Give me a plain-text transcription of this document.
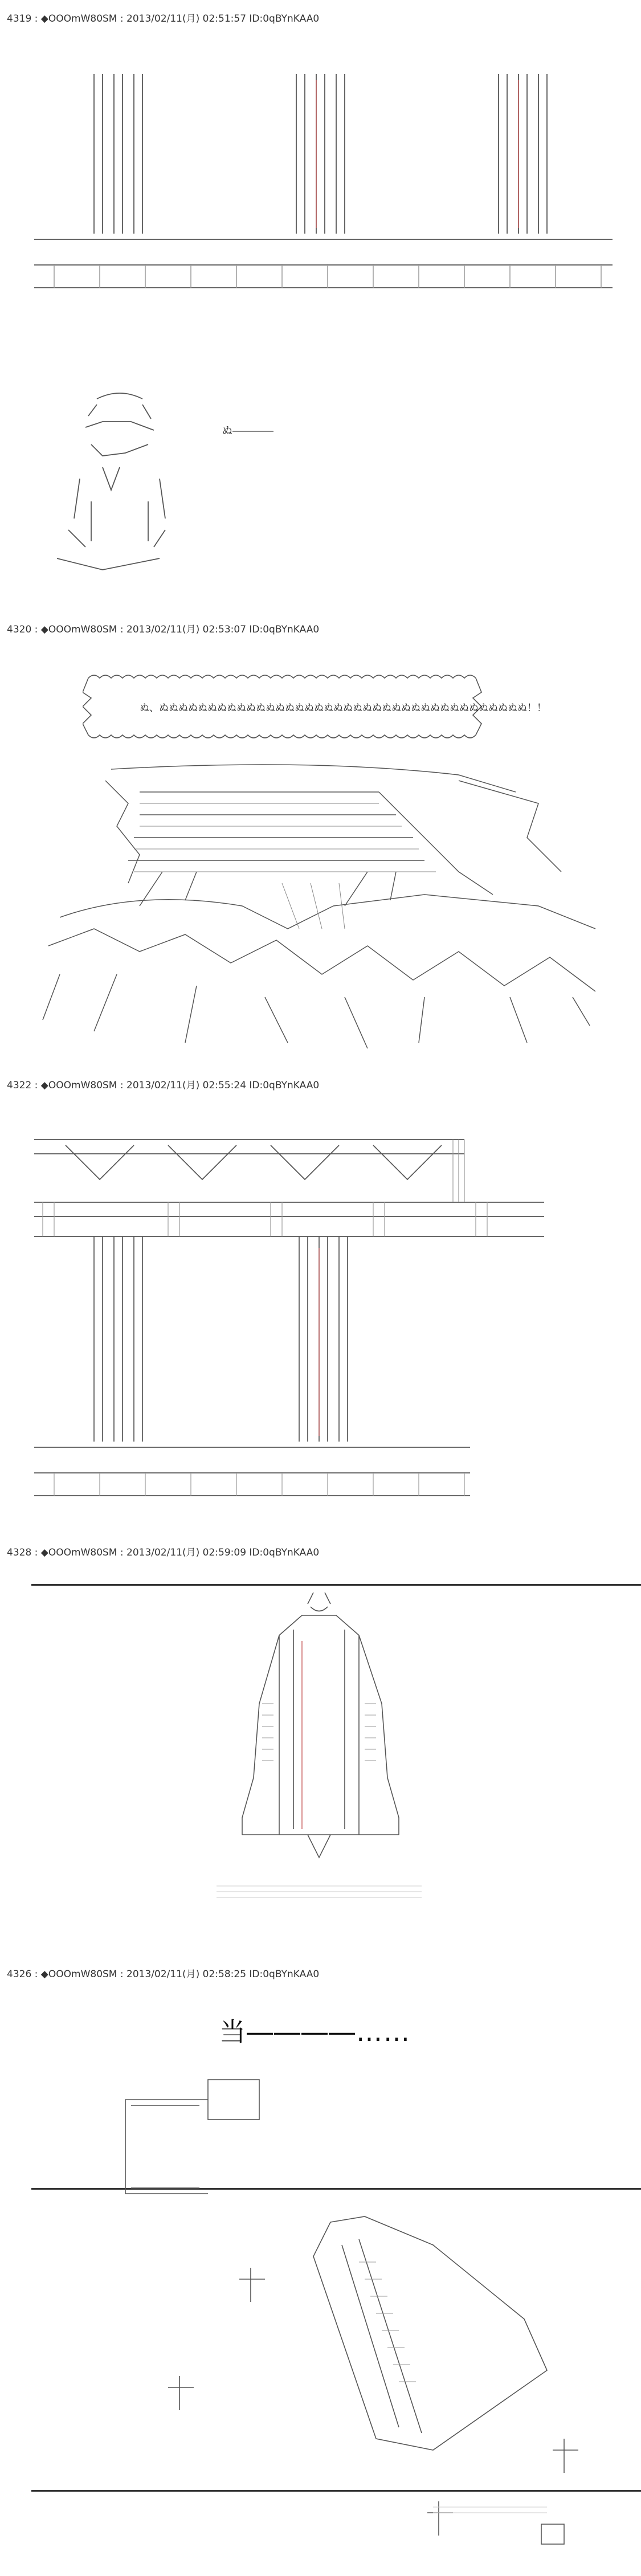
4319 : ◆OOOmW80SM : 2013/02/11(月) 02:51:57 ID:0qBYnKAA0
ぬ――――
4320 : ◆OOOmW80SM : 2013/02/11(月) 02:53:07 ID:0qBYnKAA0
ぬ、ぬぬぬぬぬぬぬぬぬぬぬぬぬぬぬぬぬぬぬぬぬぬぬぬぬぬぬぬぬぬぬぬぬぬぬぬぬぬ！！
4322 : ◆OOOmW80SM : 2013/02/11(月) 02:55:24 ID:0qBYnKAA0
4328 : ◆OOOmW80SM : 2013/02/11(月) 02:59:09 ID:0qBYnKAA0
4326 : ◆OOOmW80SM : 2013/02/11(月) 02:58:25 ID:0qBYnKAA0
当――――……
